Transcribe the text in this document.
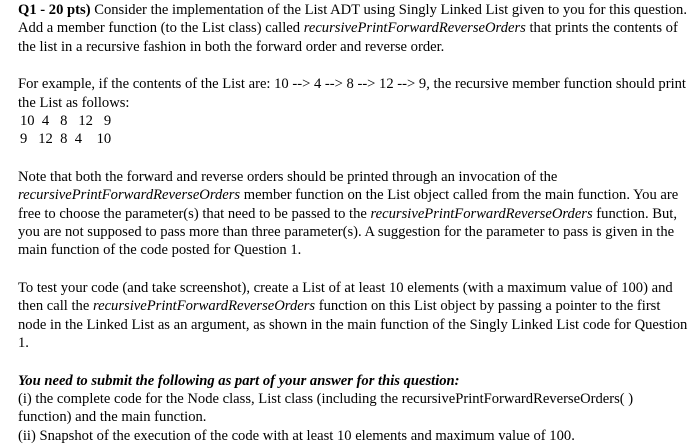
Q1 - 20 pts) Consider the implementation of the List ADT using Singly Linked List given to you for this question. Add a member function (to the List class) called recursivePrintForwardReverseOrders that prints the contents of the list in a recursive fashion in both the forward order and reverse order.

For example, if the contents of the List are: 10 --> 4 --> 8 --> 12 --> 9, the recursive member function should print the List as follows:
10  4   8   12   9
9   12  8  4    10

Note that both the forward and reverse orders should be printed through an invocation of the recursivePrintForwardReverseOrders member function on the List object called from the main function. You are free to choose the parameter(s) that need to be passed to the recursivePrintForwardReverseOrders function. But, you are not supposed to pass more than three parameter(s). A suggestion for the parameter to pass is given in the main function of the code posted for Question 1.

To test your code (and take screenshot), create a List of at least 10 elements (with a maximum value of 100) and then call the recursivePrintForwardReverseOrders function on this List object by passing a pointer to the first node in the Linked List as an argument, as shown in the main function of the Singly Linked List code for Question 1.

You need to submit the following as part of your answer for this question:
(i) the complete code for the Node class, List class (including the recursivePrintForwardReverseOrders( ) function) and the main function.
(ii) Snapshot of the execution of the code with at least 10 elements and maximum value of 100.
